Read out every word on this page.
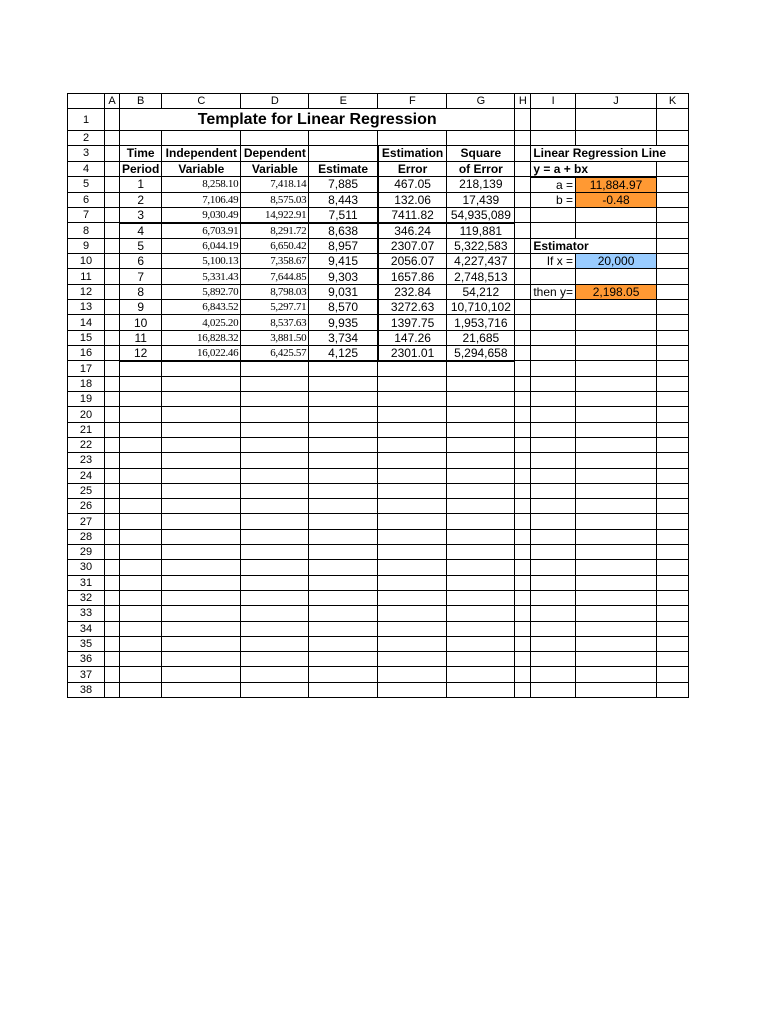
	A	B	C	D	E	F	G	H	I	J	K
1		Template for Linear Regression									
2											
3		Time	Independent	Dependent		Estimation	Square		Linear Regression Line		
4		Period	Variable	Variable	Estimate	Error	of Error		y = a + bx		
5		1	8,258.10	7,418.14	7,885	467.05	218,139		a =	11,884.97	
6		2	7,106.49	8,575.03	8,443	132.06	17,439		b =	-0.48	
7		3	9,030.49	14,922.91	7,511	7411.82	54,935,089				
8		4	6,703.91	8,291.72	8,638	346.24	119,881				
9		5	6,044.19	6,650.42	8,957	2307.07	5,322,583		Estimator		
10		6	5,100.13	7,358.67	9,415	2056.07	4,227,437		If x =	20,000	
11		7	5,331.43	7,644.85	9,303	1657.86	2,748,513				
12		8	5,892.70	8,798.03	9,031	232.84	54,212		then y=	2,198.05	
13		9	6,843.52	5,297.71	8,570	3272.63	10,710,102				
14		10	4,025.20	8,537.63	9,935	1397.75	1,953,716				
15		11	16,828.32	3,881.50	3,734	147.26	21,685				
16		12	16,022.46	6,425.57	4,125	2301.01	5,294,658				
17											
18											
19											
20											
21											
22											
23											
24											
25											
26											
27											
28											
29											
30											
31											
32											
33											
34											
35											
36											
37											
38											
